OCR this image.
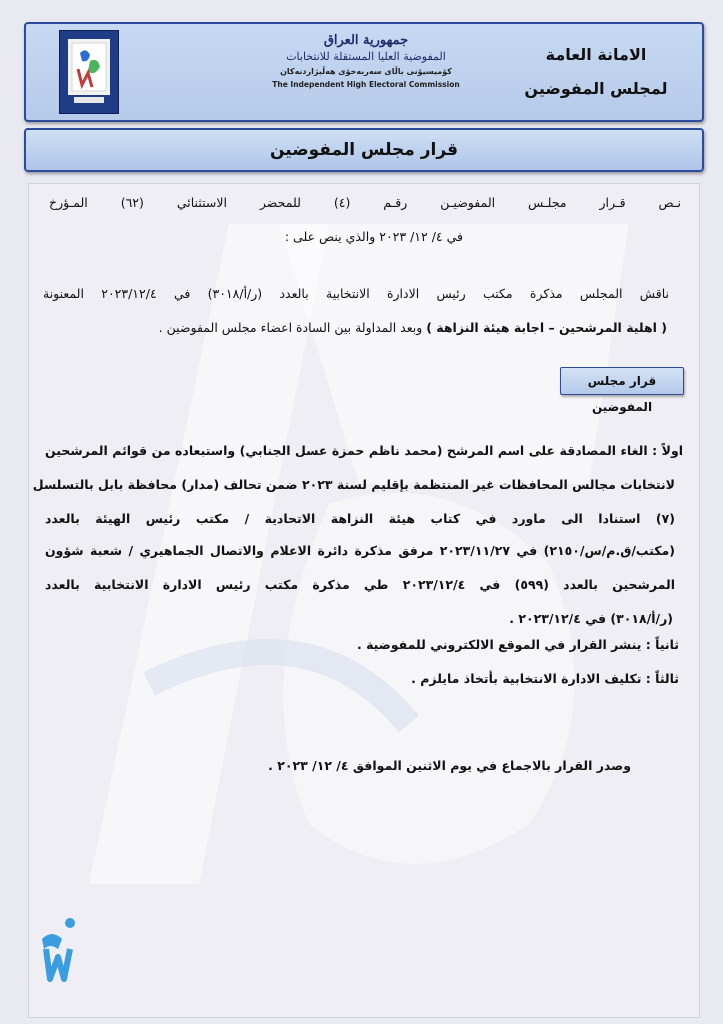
جمهورية العراق
المفوضية العليا المستقلة للانتخابات
كۆميسيۆنی باڵای سەربەخۆی هەڵبژاردنەكان
The Independent High Electoral Commission
الامانة العامة
لمجلس المفوضين
قرار مجلس المفوضين
نـص قـرار مجلـس المفوضيـن رقـم (٤) للمحضر الاستثنائي (٦٢) المـؤرخ
في ٤/ ١٢/ ٢٠٢٣ والذي ينص على :
ناقش المجلس مذكرة مكتب رئيس الادارة الانتخابية بالعدد (ر/أ/٣٠١٨) في ٢٠٢٣/١٢/٤ المعنونة
( اهلية المرشحين – اجابة هيئة النزاهة ) وبعد المداولة بين السادة اعضاء مجلس المفوضين .
اولاً : الغاء المصادقة على اسم المرشح (محمد ناظم حمزة عسل الجنابي) واستبعاده من قوائم المرشحين
لانتخابات مجالس المحافظات غير المنتظمة بإقليم لسنة ٢٠٢٣ ضمن تحالف (مدار) محافظة بابل بالتسلسل
(٧) استنادا الى ماورد في كتاب هيئة النزاهة الاتحادية / مكتب رئيس الهيئة بالعدد
(مكتب/ق.م/س/٢١٥٠) في ٢٠٢٣/١١/٢٧ مرفق مذكرة دائرة الاعلام والاتصال الجماهيري / شعبة شؤون
المرشحين بالعدد (٥٩٩) في ٢٠٢٣/١٢/٤ طي مذكرة مكتب رئيس الادارة الانتخابية بالعدد
(ر/أ/٣٠١٨) في ٢٠٢٣/١٢/٤ .
ثانياً : ينشر القرار في الموقع الالكتروني للمفوضية .
ثالثاً : تكليف الادارة الانتخابية بأتخاذ مايلزم .
وصدر القرار بالاجماع في يوم الاثنين الموافق ٤/ ١٢/ ٢٠٢٣ .
قرار مجلس المفوضين
